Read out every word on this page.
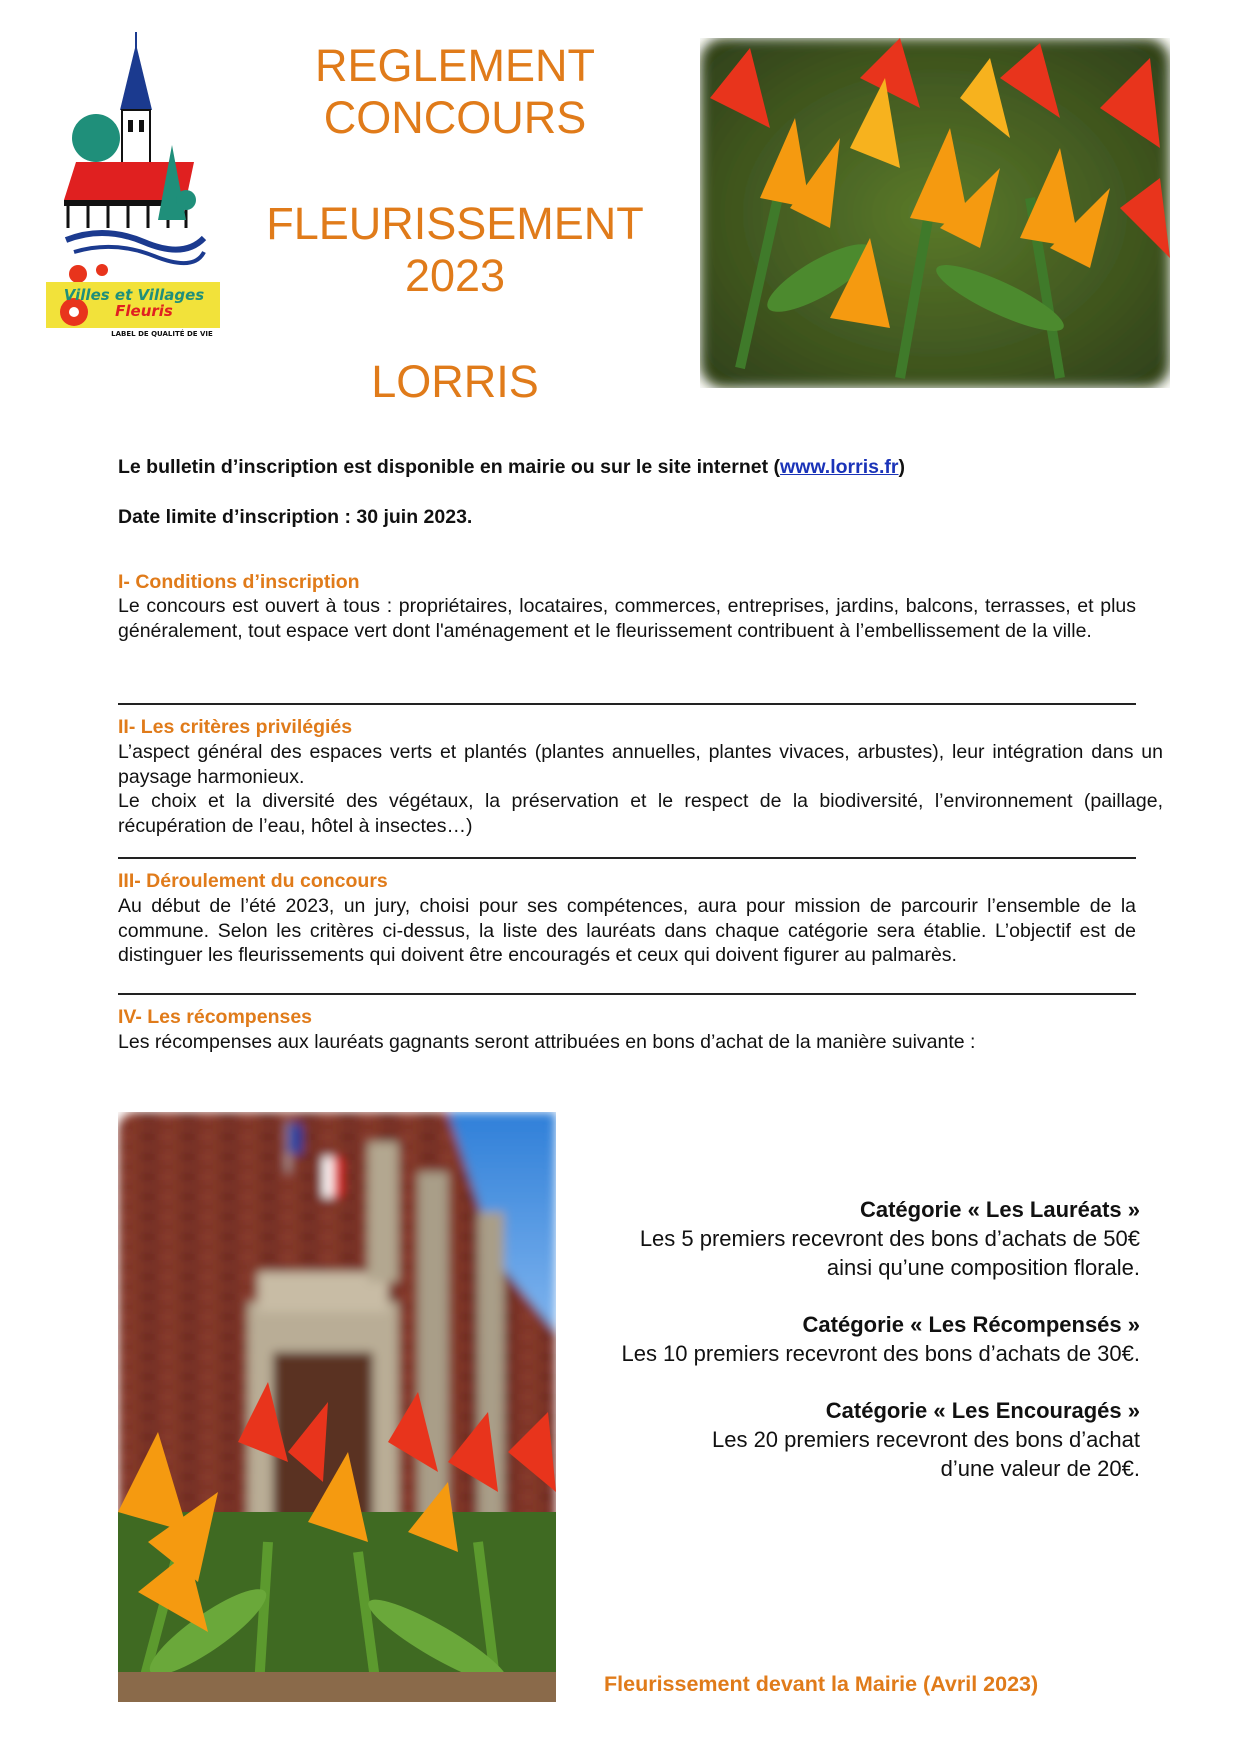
Villes et Villages
Fleuris
LABEL DE QUALITÉ DE VIE
REGLEMENT
CONCOURS
FLEURISSEMENT
2023
LORRIS
Le bulletin d’inscription est disponible en mairie ou sur le site internet (www.lorris.fr)
Date limite d’inscription : 30 juin 2023.
I- Conditions d’inscription
Le concours est ouvert à tous : propriétaires, locataires, commerces, entreprises, jardins, balcons, terrasses, et plus généralement, tout espace vert dont l'aménagement et le fleurissement contribuent à l’embellissement de la ville.
II- Les critères privilégiés
L’aspect général des espaces verts et plantés (plantes annuelles, plantes vivaces, arbustes), leur intégration dans un paysage harmonieux.
Le choix et la diversité des végétaux, la préservation et le respect de la biodiversité, l’environnement (paillage, récupération de l’eau, hôtel à insectes…)
III- Déroulement du concours
Au début de l’été 2023, un jury, choisi pour ses compétences, aura pour mission de parcourir l’ensemble de la commune. Selon les critères ci-dessus, la liste des lauréats dans chaque catégorie sera établie. L’objectif est de distinguer les fleurissements qui doivent être encouragés et ceux qui doivent figurer au palmarès.
IV- Les récompenses
Les récompenses aux lauréats gagnants seront attribuées en bons d’achat de la manière suivante :
Catégorie « Les Lauréats »
Les 5 premiers recevront des bons d’achats de 50€
ainsi qu’une composition florale.
Catégorie « Les Récompensés »
Les 10 premiers recevront des bons d’achats de 30€.
Catégorie « Les Encouragés »
Les 20 premiers recevront des bons d’achat
d’une valeur de 20€.
Fleurissement devant la Mairie (Avril 2023)
